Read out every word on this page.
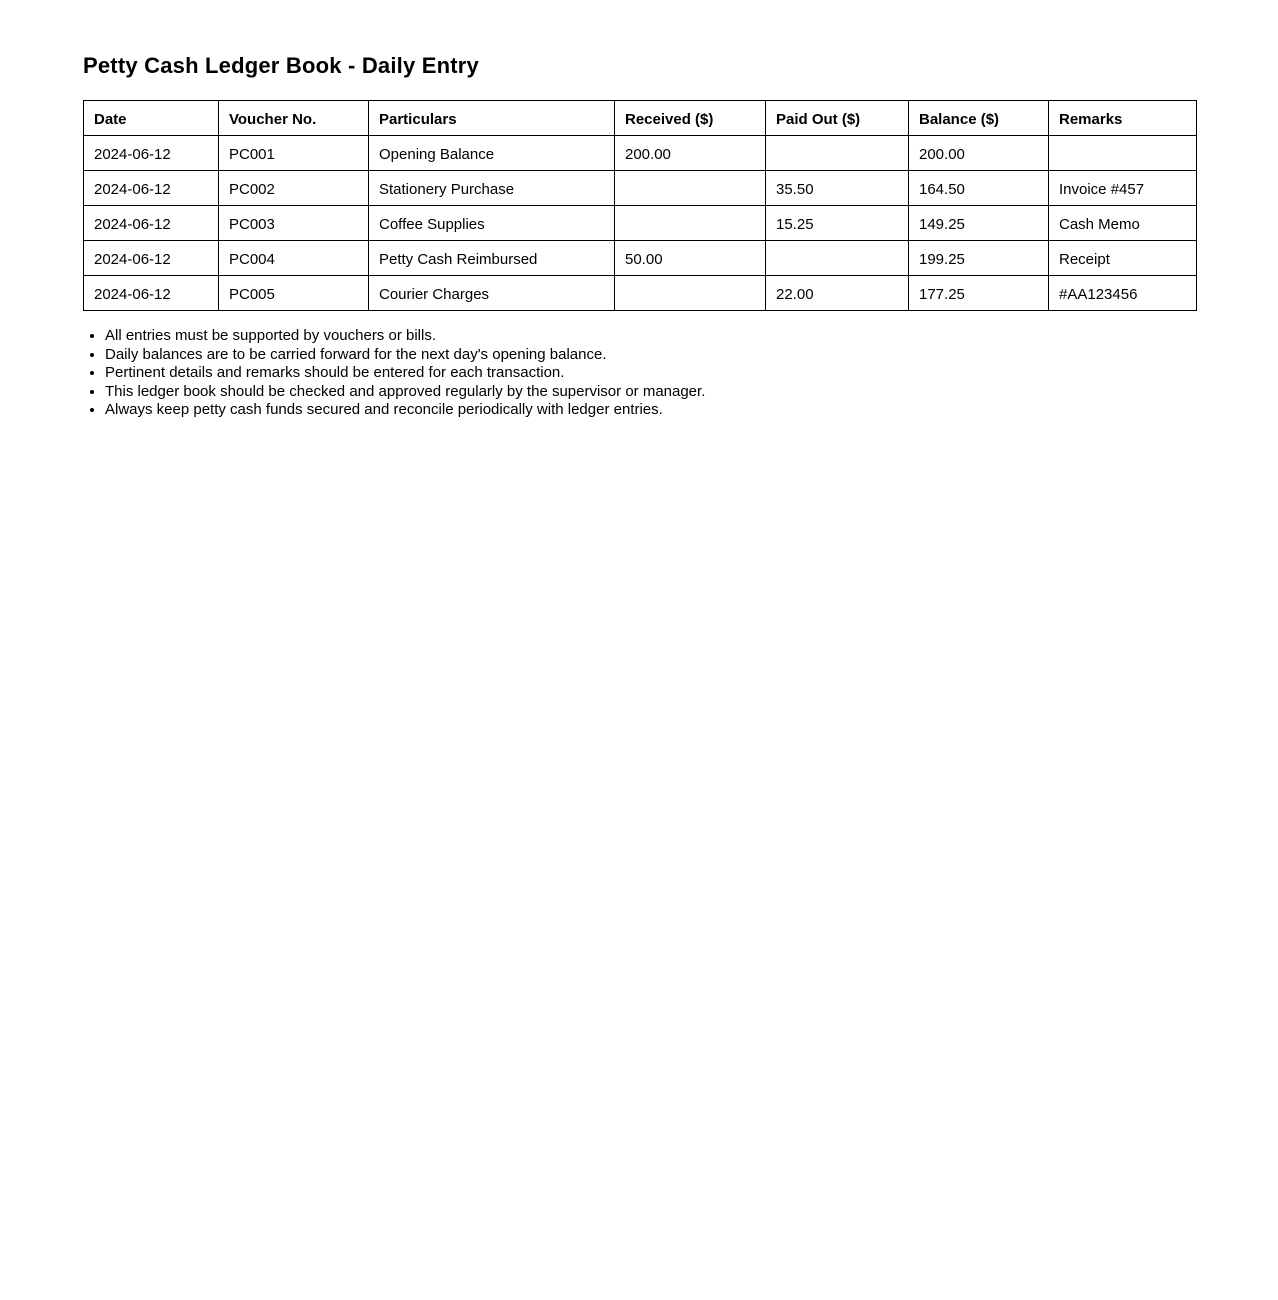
Petty Cash Ledger Book - Daily Entry
Date	Voucher No.	Particulars	Received ($)	Paid Out ($)	Balance ($)	Remarks
2024-06-12	PC001	Opening Balance	200.00		200.00	
2024-06-12	PC002	Stationery Purchase		35.50	164.50	Invoice #457
2024-06-12	PC003	Coffee Supplies		15.25	149.25	Cash Memo
2024-06-12	PC004	Petty Cash Reimbursed	50.00		199.25	Receipt
2024-06-12	PC005	Courier Charges		22.00	177.25	#AA123456
• All entries must be supported by vouchers or bills.
• Daily balances are to be carried forward for the next day's opening balance.
• Pertinent details and remarks should be entered for each transaction.
• This ledger book should be checked and approved regularly by the supervisor or manager.
• Always keep petty cash funds secured and reconcile periodically with ledger entries.
